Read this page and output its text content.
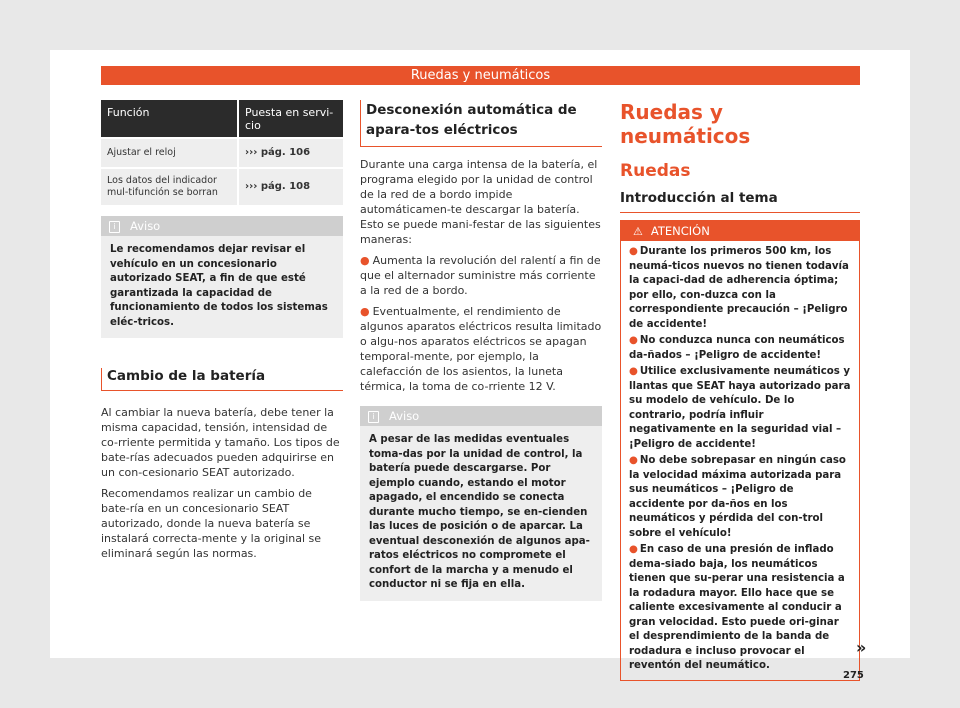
Ruedas y neumáticos
Función	Puesta en servi-cio
Ajustar el reloj	››› pág. 106
Los datos del indicador mul-tifunción se borran	››› pág. 108
i Aviso
Le recomendamos dejar revisar el vehículo en un concesionario autorizado SEAT, a fin de que esté garantizada la capacidad de funcionamiento de todos los sistemas eléc-tricos.
Cambio de la batería

Al cambiar la nueva batería, debe tener la misma capacidad, tensión, intensidad de co-rriente permitida y tamaño. Los tipos de bate-rías adecuados pueden adquirirse en un con-cesionario SEAT autorizado.

Recomendamos realizar un cambio de bate-ría en un concesionario SEAT autorizado, donde la nueva batería se instalará correcta-mente y la original se eliminará según las normas.

Desconexión automática de apara-tos eléctricos

Durante una carga intensa de la batería, el programa elegido por la unidad de control de la red de a bordo impide automáticamen-te descargar la batería. Esto se puede mani-festar de las siguientes maneras:

● Aumenta la revolución del ralentí a fin de que el alternador suministre más corriente a la red de a bordo.
● Eventualmente, el rendimiento de algunos aparatos eléctricos resulta limitado o algu-nos aparatos eléctricos se apagan temporal-mente, por ejemplo, la calefacción de los asientos, la luneta térmica, la toma de co-rriente 12 V.
i Aviso
A pesar de las medidas eventuales toma-das por la unidad de control, la batería puede descargarse. Por ejemplo cuando, estando el motor apagado, el encendido se conecta durante mucho tiempo, se en-cienden las luces de posición o de aparcar. La eventual desconexión de algunos apa-ratos eléctricos no compromete el confort de la marcha y a menudo el conductor ni se fija en ella.
Ruedas y neumáticos
Ruedas
Introducción al tema
⚠ ATENCIÓN
● Durante los primeros 500 km, los neumá-ticos nuevos no tienen todavía la capaci-dad de adherencia óptima; por ello, con-duzca con la correspondiente precaución – ¡Peligro de accidente!
● No conduzca nunca con neumáticos da-ñados – ¡Peligro de accidente!
● Utilice exclusivamente neumáticos y llantas que SEAT haya autorizado para su modelo de vehículo. De lo contrario, podría influir negativamente en la seguridad vial – ¡Peligro de accidente!
● No debe sobrepasar en ningún caso la velocidad máxima autorizada para sus neumáticos – ¡Peligro de accidente por da-ños en los neumáticos y pérdida del con-trol sobre el vehículo!
● En caso de una presión de inflado dema-siado baja, los neumáticos tienen que su-perar una resistencia a la rodadura mayor. Ello hace que se caliente excesivamente al conducir a gran velocidad. Esto puede ori-ginar el desprendimiento de la banda de rodadura e incluso provocar el reventón del neumático.
»
275
